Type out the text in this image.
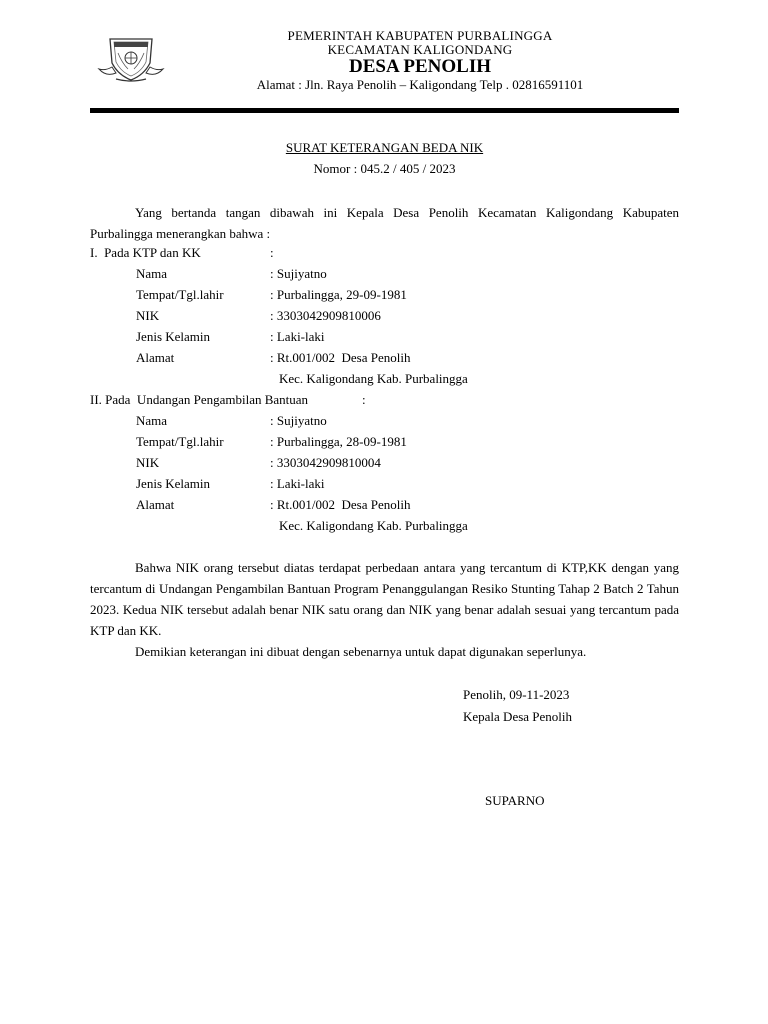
PEMERINTAH KABUPATEN PURBALINGGA
KECAMATAN KALIGONDANG
DESA PENOLIH
Alamat : Jln. Raya Penolih – Kaligondang Telp . 02816591101
SURAT KETERANGAN BEDA NIK
Nomor : 045.2 / 405 / 2023
Yang bertanda tangan dibawah ini Kepala Desa Penolih Kecamatan Kaligondang Kabupaten Purbalingga menerangkan bahwa :
I.  Pada KTP dan KK	:
Nama	: Sujiyatno
Tempat/Tgl.lahir	: Purbalingga, 29-09-1981
NIK	: 3303042909810006
Jenis Kelamin	: Laki-laki
Alamat	: Rt.001/002  Desa Penolih
Kec. Kaligondang Kab. Purbalingga
II. Pada  Undangan Pengambilan Bantuan	:
Nama	: Sujiyatno
Tempat/Tgl.lahir	: Purbalingga, 28-09-1981
NIK	: 3303042909810004
Jenis Kelamin	: Laki-laki
Alamat	: Rt.001/002  Desa Penolih
Kec. Kaligondang Kab. Purbalingga
Bahwa NIK orang tersebut diatas terdapat perbedaan antara yang tercantum di KTP,KK dengan yang tercantum di Undangan Pengambilan Bantuan Program Penanggulangan Resiko Stunting Tahap 2 Batch 2 Tahun 2023. Kedua NIK tersebut adalah benar NIK satu orang dan NIK yang benar adalah sesuai yang tercantum pada KTP dan KK.
Demikian keterangan ini dibuat dengan sebenarnya untuk dapat digunakan seperlunya.
Penolih, 09-11-2023
Kepala Desa Penolih
SUPARNO
